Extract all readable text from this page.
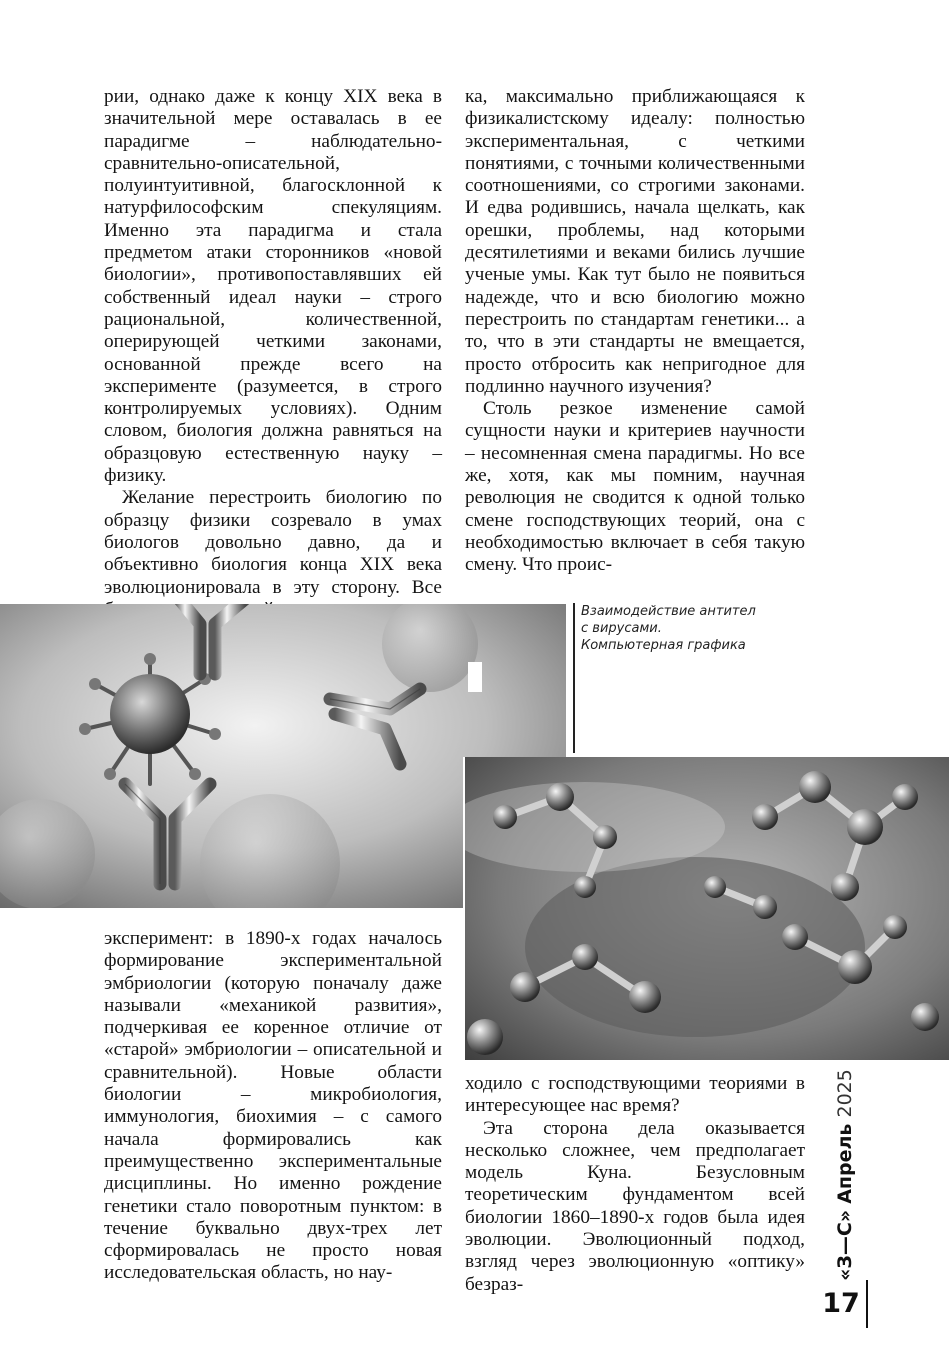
рии, однако даже к концу XIX века в значительной мере оставалась в ее парадигме – наблюдательно-сравнительно-описательной, полуинтуитивной, благосклонной к натурфилософским спекуляциям. Именно эта парадигма и стала предметом атаки сторонников «новой биологии», противопоставлявших ей собственный идеал науки – строго рациональной, количественной, оперирующей четкими законами, основанной прежде всего на эксперименте (разумеется, в строго контролируемых условиях). Одним словом, биология должна равняться на образцовую естественную науку – физику.

Желание перестроить биологию по образцу физики созревало в умах биологов довольно давно, да и объективно биология конца XIX века эволюционировала в эту сторону. Все

ка, максимально приближающаяся к физикалистскому идеалу: полностью экспериментальная, с четкими понятиями, с точными количественными соотношениями, со строгими законами. И едва родившись, начала щелкать, как орешки, проблемы, над которыми десятилетиями и веками бились лучшие ученые умы. Как тут было не появиться надежде, что и всю биологию можно перестроить по стандартам генетики... а то, что в эти стандарты не вмещается, просто отбросить как непригодное для подлинно научного изучения?

Столь резкое изменение самой сущности науки и критериев научности – несомненная смена парадигмы. Но все же, хотя, как мы помним, научная революция не сводится к одной только смене господствующих теорий, она с необходимостью включает в себя такую смену. Что проис-

эксперимент: в 1890-х годах началось формирование экспериментальной эмбриологии (которую поначалу даже называли «механикой развития», подчеркивая ее коренное отличие от «старой» эмбриологии – описательной и сравнительной). Новые области биологии – микробиология, иммунология, биохимия – с самого начала формировались как преимущественно экспериментальные дисциплины. Но именно рождение генетики стало поворотным пунктом: в течение буквально двух-трех лет сформировалась не просто новая исследовательская область, но нау-

ходило с господствующими теориями в интересующее нас время?

Эта сторона дела оказывается несколько сложнее, чем предполагает модель Куна. Безусловным теоретическим фундаментом всей биологии 1860–1890-х годов была идея эволюции. Эволюционный подход, взгляд через эволюционную «оптику» безраз-

Взаимодействие антител
с вирусами.
Компьютерная графика
«З—С» Апрель 2025
17
